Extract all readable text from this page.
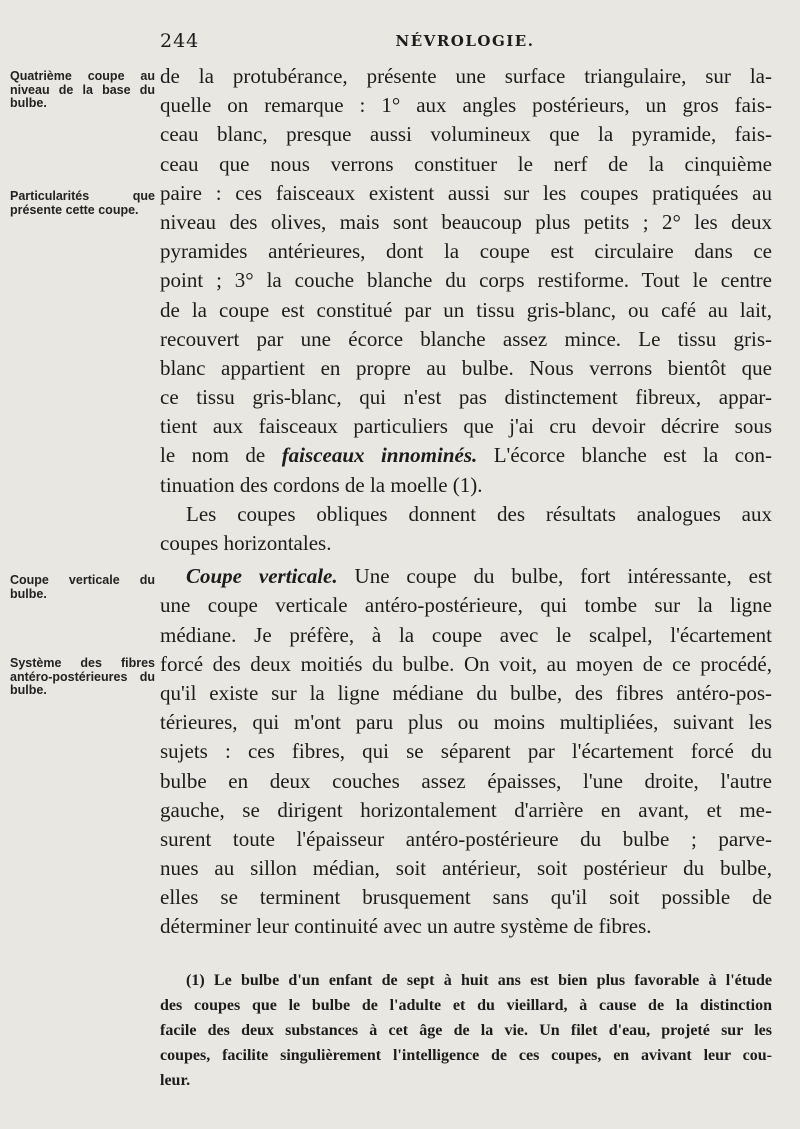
244	NÉVROLOGIE.
Quatrième coupe au niveau de la base du bulbe.
Particularités que présente cette coupe.
Coupe verticale du bulbe.
Système des fibres antéro-postérieures du bulbe.
de la protubérance, présente une surface triangulaire, sur la-
quelle on remarque : 1° aux angles postérieurs, un gros fais-
ceau blanc, presque aussi volumineux que la pyramide, fais-
ceau que nous verrons constituer le nerf de la cinquième
paire : ces faisceaux existent aussi sur les coupes pratiquées au
niveau des olives, mais sont beaucoup plus petits ; 2° les deux
pyramides antérieures, dont la coupe est circulaire dans ce
point ; 3° la couche blanche du corps restiforme. Tout le centre
de la coupe est constitué par un tissu gris-blanc, ou café au lait,
recouvert par une écorce blanche assez mince. Le tissu gris-
blanc appartient en propre au bulbe. Nous verrons bientôt que
ce tissu gris-blanc, qui n'est pas distinctement fibreux, appar-
tient aux faisceaux particuliers que j'ai cru devoir décrire sous
le nom de faisceaux innominés. L'écorce blanche est la con-
tinuation des cordons de la moelle (1).
Les coupes obliques donnent des résultats analogues aux
coupes horizontales.
Coupe verticale. Une coupe du bulbe, fort intéressante, est
une coupe verticale antéro-postérieure, qui tombe sur la ligne
médiane. Je préfère, à la coupe avec le scalpel, l'écartement
forcé des deux moitiés du bulbe. On voit, au moyen de ce procédé,
qu'il existe sur la ligne médiane du bulbe, des fibres antéro-pos-
térieures, qui m'ont paru plus ou moins multipliées, suivant les
sujets : ces fibres, qui se séparent par l'écartement forcé du
bulbe en deux couches assez épaisses, l'une droite, l'autre
gauche, se dirigent horizontalement d'arrière en avant, et me-
surent toute l'épaisseur antéro-postérieure du bulbe ; parve-
nues au sillon médian, soit antérieur, soit postérieur du bulbe,
elles se terminent brusquement sans qu'il soit possible de
déterminer leur continuité avec un autre système de fibres.
(1) Le bulbe d'un enfant de sept à huit ans est bien plus favorable à l'étude
des coupes que le bulbe de l'adulte et du vieillard, à cause de la distinction
facile des deux substances à cet âge de la vie. Un filet d'eau, projeté sur les
coupes, facilite singulièrement l'intelligence de ces coupes, en avivant leur cou-
leur.
